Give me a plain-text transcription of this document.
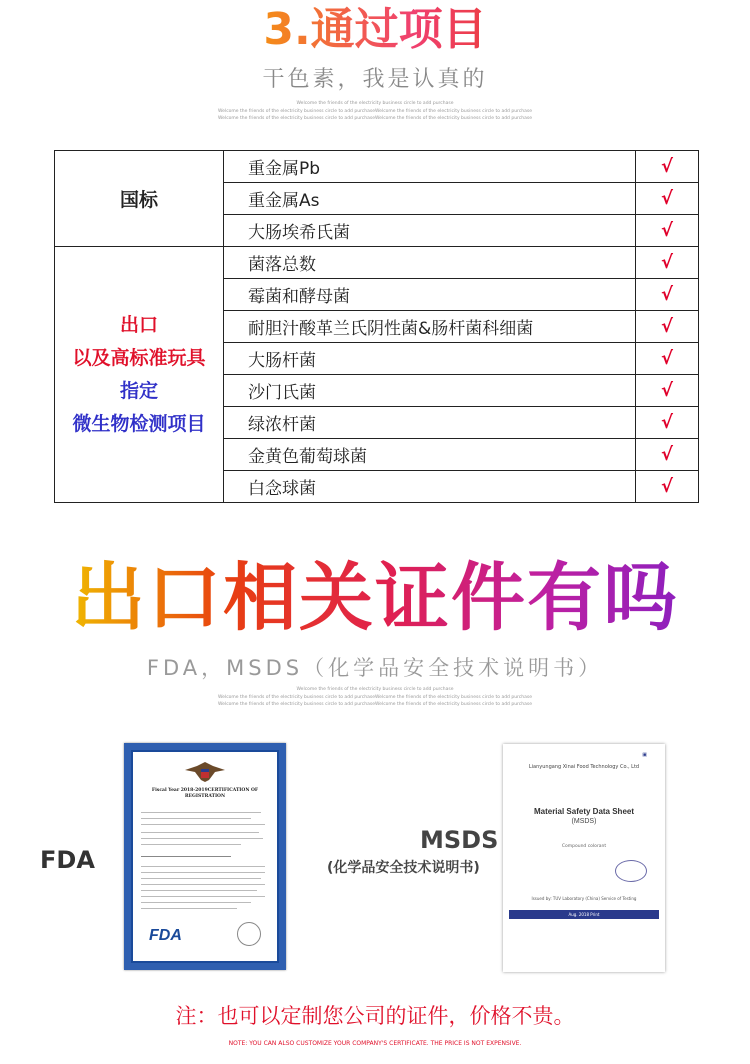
3.通过项目
干色素，我是认真的
Welcome the friends of the electricity business circle to add purchase
Welcome the friends of the electricity business circle to add purchaseWelcome the friends of the electricity business circle to add purchase
Welcome the friends of the electricity business circle to add purchaseWelcome the friends of the electricity business circle to add purchase
国标	重金属Pb	√
	重金属As	√
	大肠埃希氏菌	√

出口
以及高标准玩具
指定
微生物检测项目	菌落总数	√
	霉菌和酵母菌	√
	耐胆汁酸革兰氏阴性菌&肠杆菌科细菌	√
	大肠杆菌	√
	沙门氏菌	√
	绿浓杆菌	√
	金黄色葡萄球菌	√
	白念球菌	√
出口相关证件有吗
FDA，MSDS（化学品安全技术说明书）
Welcome the friends of the electricity business circle to add purchase
Welcome the friends of the electricity business circle to add purchaseWelcome the friends of the electricity business circle to add purchase
Welcome the friends of the electricity business circle to add purchaseWelcome the friends of the electricity business circle to add purchase
FDA
Fiscal Year 2018-2019CERTIFICATION OF REGISTRATION
FDA
MSDS
(化学品安全技术说明书)
▣
Lianyungang Xinai Food Technology Co., Ltd
Material Safety Data Sheet
(MSDS)
Compound colorant
Issued by: TUV Laboratory (China) Service of Testing
Aug. 2018 Print
注：也可以定制您公司的证件，价格不贵。
NOTE: YOU CAN ALSO CUSTOMIZE YOUR COMPANY'S CERTIFICATE. THE PRICE IS NOT EXPENSIVE.
